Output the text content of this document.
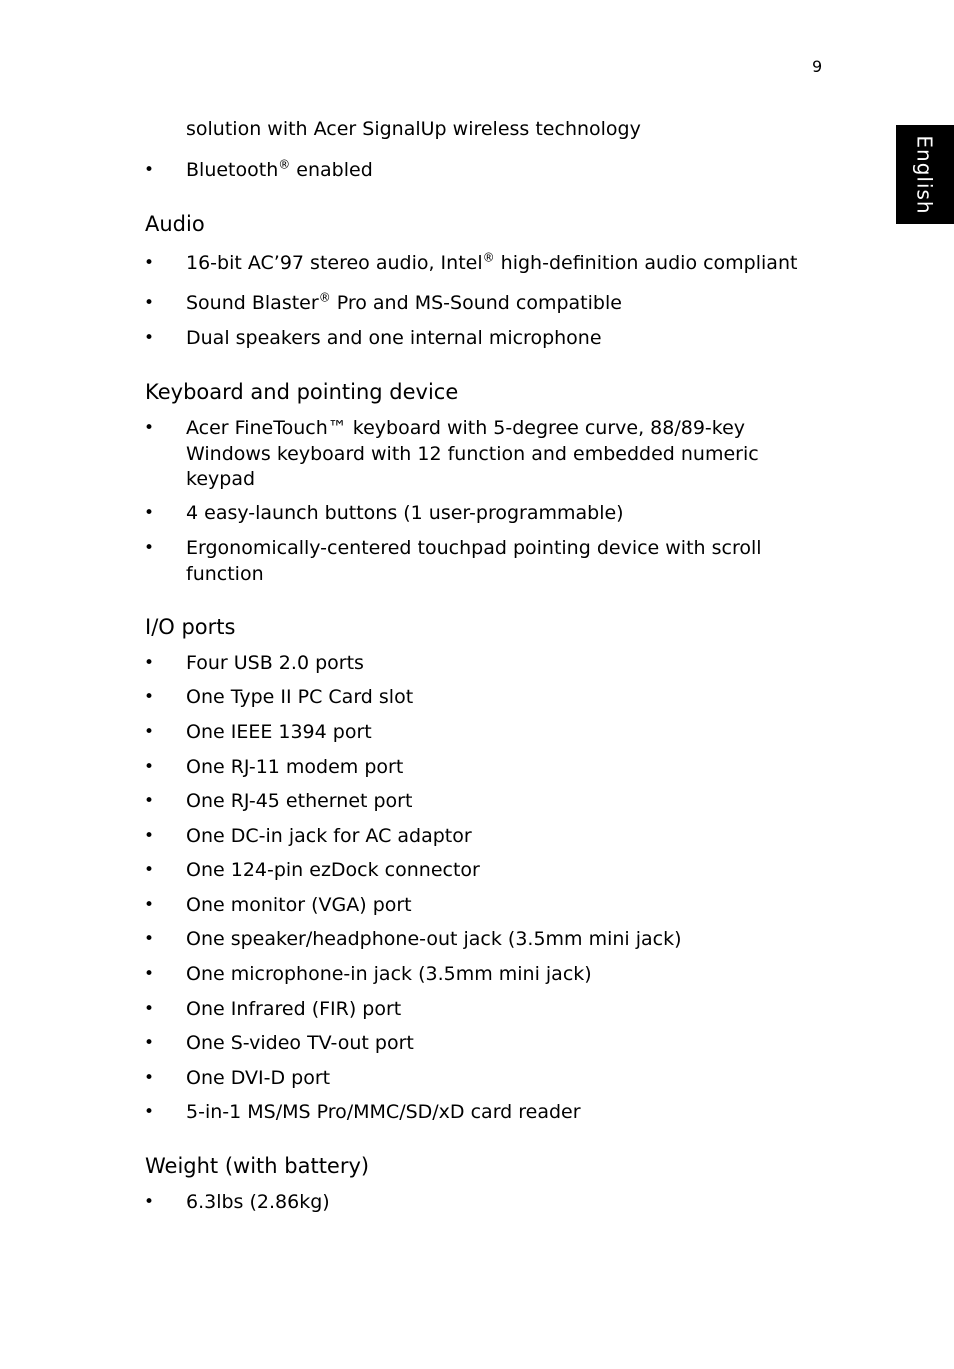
9
English
solution with Acer SignalUp wireless technology
• Bluetooth® enabled
Audio
• 16-bit AC’97 stereo audio, Intel® high-definition audio compliant
• Sound Blaster® Pro and MS-Sound compatible
• Dual speakers and one internal microphone
Keyboard and pointing device
• Acer FineTouch™ keyboard with 5-degree curve, 88/89-key Windows keyboard with 12 function and embedded numeric keypad
• 4 easy-launch buttons (1 user-programmable)
• Ergonomically-centered touchpad pointing device with scroll function
I/O ports
• Four USB 2.0 ports
• One Type II PC Card slot
• One IEEE 1394 port
• One RJ-11 modem port
• One RJ-45 ethernet port
• One DC-in jack for AC adaptor
• One 124-pin ezDock connector
• One monitor (VGA) port
• One speaker/headphone-out jack (3.5mm mini jack)
• One microphone-in jack (3.5mm mini jack)
• One Infrared (FIR) port
• One S-video TV-out port
• One DVI-D port
• 5-in-1 MS/MS Pro/MMC/SD/xD card reader
Weight (with battery)
• 6.3lbs (2.86kg)
